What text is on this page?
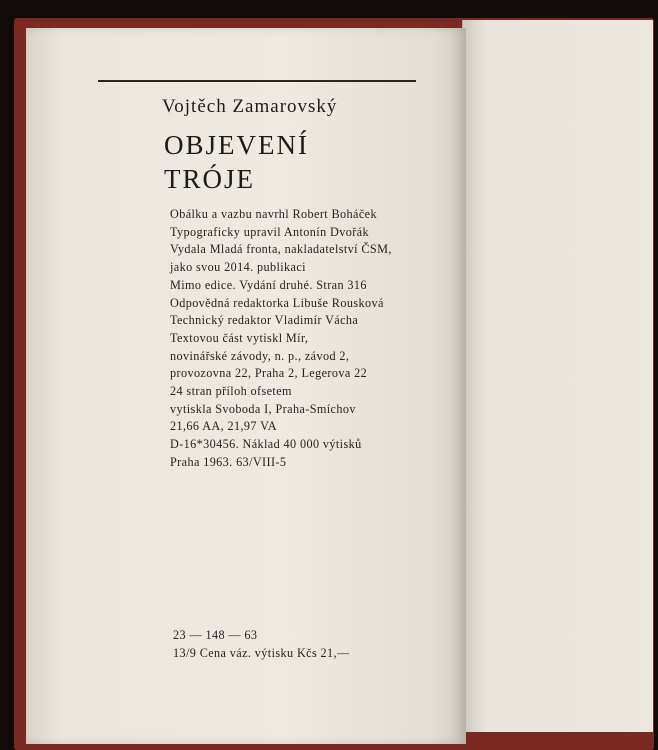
Vojtěch Zamarovský
OBJEVENÍ
TRÓJE
Obálku a vazbu navrhl Robert Boháček
Typograficky upravil Antonín Dvořák
Vydala Mladá fronta, nakladatelství ČSM,
jako svou 2014. publikaci
Mimo edice. Vydání druhé. Stran 316
Odpovědná redaktorka Libuše Rousková
Technický redaktor Vladimír Vácha
Textovou část vytiskl Mír,
novinářské závody, n. p., závod 2,
provozovna 22, Praha 2, Legerova 22
24 stran příloh ofsetem
vytiskla Svoboda I, Praha-Smíchov
21,66 AA, 21,97 VA
D-16*30456. Náklad 40 000 výtisků
Praha 1963. 63/VIII-5
23 — 148 — 63
13/9 Cena váz. výtisku Kčs 21,—
